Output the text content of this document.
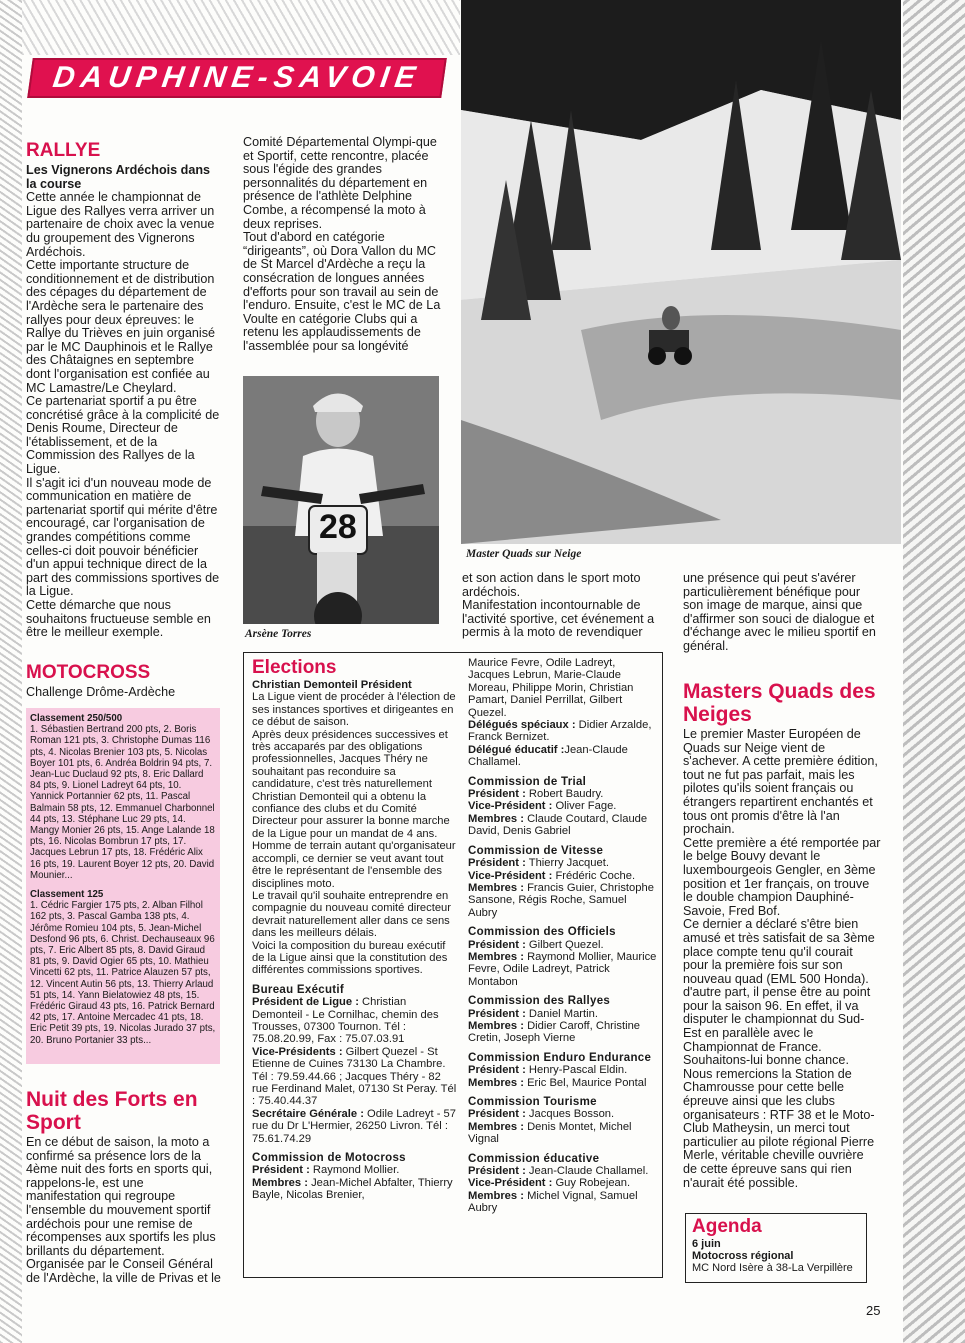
DAUPHINE-SAVOIE
RALLYE
Les Vignerons Ardéchois dans la course

Cette année le championnat de Ligue des Rallyes verra arriver un partenaire de choix avec la venue du groupement des Vignerons Ardéchois.

Cette importante structure de conditionnement et de distribution des cépages du département de l'Ardèche sera le partenaire des rallyes pour deux épreuves: le Rallye du Trièves en juin organisé par le MC Dauphinois et le Rallye des Châtaignes en septembre dont l'organisation est confiée au MC Lamastre/Le Cheylard.

Ce partenariat sportif a pu être concrétisé grâce à la complicité de Denis Roume, Directeur de l'établissement, et de la Commission des Rallyes de la Ligue.

Il s'agit ici d'un nouveau mode de communication en matière de partenariat sportif qui mérite d'être encouragé, car l'organisation de grandes compétitions comme celles-ci doit pouvoir bénéficier d'un appui technique direct de la part des commissions sportives de la Ligue.

Cette démarche que nous souhaitons fructueuse semble en être le meilleur exemple.

MOTOCROSS
Challenge Drôme-Ardèche
Classement 250/500
1. Sébastien Bertrand 200 pts, 2. Boris Roman 121 pts, 3. Christophe Dumas 116 pts, 4. Nicolas Brenier 103 pts, 5. Nicolas Boyer 101 pts, 6. Andréa Boldrin 94 pts, 7. Jean-Luc Duclaud 92 pts, 8. Eric Dallard 84 pts, 9. Lionel Ladreyt 64 pts, 10. Yannick Portannier 62 pts, 11. Pascal Balmain 58 pts, 12. Emmanuel Charbonnel 44 pts, 13. Stéphane Luc 29 pts, 14. Mangy Monier 26 pts, 15. Ange Lalande 18 pts, 16. Nicolas Bombrun 17 pts, 17. Jacques Lebrun 17 pts, 18. Frédéric Alix 16 pts, 19. Laurent Boyer 12 pts, 20. David Mounier...
Classement 125
1. Cédric Fargier 175 pts, 2. Alban Filhol 162 pts, 3. Pascal Gamba 138 pts, 4. Jérôme Romieu 104 pts, 5. Jean-Michel Desfond 96 pts, 6. Christ. Dechauseaux 96 pts, 7. Eric Albert 85 pts, 8. David Giraud 81 pts, 9. David Ogier 65 pts, 10. Mathieu Vincetti 62 pts, 11. Patrice Alauzen 57 pts, 12. Vincent Autin 56 pts, 13. Thierry Arlaud 51 pts, 14. Yann Bielatowiez 48 pts, 15. Frédéric Giraud 43 pts, 16. Patrick Bernard 42 pts, 17. Antoine Mercadec 41 pts, 18. Eric Petit 39 pts, 19. Nicolas Jurado 37 pts, 20. Bruno Portanier 33 pts...
Nuit des Forts en Sport

En ce début de saison, la moto a confirmé sa présence lors de la 4ème nuit des forts en sports qui, rappelons-le, est une manifestation qui regroupe l'ensemble du mouvement sportif ardéchois pour une remise de récompenses aux sportifs les plus brillants du département.

Organisée par le Conseil Général de l'Ardèche, la ville de Privas et le

Comité Départemental Olympi-que et Sportif, cette rencontre, placée sous l'égide des grandes personnalités du département en présence de l'athlète Delphine Combe, a récompensé la moto à deux reprises.

Tout d'abord en catégorie “dirigeants”, où Dora Vallon du MC de St Marcel d'Ardèche a reçu la consécration de longues années d'efforts pour son travail au sein de l'enduro. Ensuite, c'est le MC de La Voulte en catégorie Clubs qui a retenu les applaudissements de l'assemblée pour sa longévité

28
Arsène Torres
Master Quads sur Neige

et son action dans le sport moto ardéchois.

Manifestation incontournable de l'activité sportive, cet événement a permis à la moto de revendiquer

une présence qui peut s'avérer particulièrement bénéfique pour son image de marque, ainsi que d'affirmer son souci de dialogue et d'échange avec le milieu sportif en général.

Masters Quads des Neiges

Le premier Master Européen de Quads sur Neige vient de s'achever. A cette première édition, tout ne fut pas parfait, mais les pilotes qu'ils soient français ou étrangers repartirent enchantés et tous ont promis d'être là l'an prochain.

Cette première a été remportée par le belge Bouvy devant le luxembourgeois Gengler, en 3ème position et 1er français, on trouve le double champion Dauphiné-Savoie, Fred Bof.

Ce dernier a déclaré s'être bien amusé et très satisfait de sa 3ème place compte tenu qu'il courait pour la première fois sur son nouveau quad (EML 500 Honda). d'autre part, il pense être au point pour la saison 96. En effet, il va disputer le championnat du Sud-Est en parallèle avec le Championnat de France. Souhaitons-lui bonne chance.

Nous remercions la Station de Chamrousse pour cette belle épreuve ainsi que les clubs organisateurs : RTF 38 et le Moto-Club Matheysin, un merci tout particulier au pilote régional Pierre Merle, véritable cheville ouvrière de cette épreuve sans qui rien n'aurait été possible.

Elections
Christian Demonteil Président

La Ligue vient de procéder à l'élection de ses instances sportives et dirigeantes en ce début de saison.

Après deux présidences successives et très accaparés par des obligations professionnelles, Jacques Théry ne souhaitant pas reconduire sa candidature, c'est très naturellement Christian Demonteil qui a obtenu la confiance des clubs et du Comité Directeur pour assurer la bonne marche de la Ligue pour un mandat de 4 ans.

Homme de terrain autant qu'organisateur accompli, ce dernier se veut avant tout être le représentant de l'ensemble des disciplines moto.

Le travail qu'il souhaite entreprendre en compagnie du nouveau comité directeur devrait naturellement aller dans ce sens dans les meilleurs délais.

Voici la composition du bureau exécutif de la Ligue ainsi que la constitution des différentes commissions sportives.

Bureau Exécutif

Président de Ligue : Christian Demonteil - Le Cornilhac, chemin des Trousses, 07300 Tournon. Tél : 75.08.20.99, Fax : 75.07.03.91

Vice-Présidents : Gilbert Quezel - St Etienne de Cuines 73130 La Chambre. Tél : 79.59.44.66 ; Jacques Théry - 82 rue Ferdinand Malet, 07130 St Peray. Tél : 75.40.44.37

Secrétaire Générale : Odile Ladreyt - 57 rue du Dr L'Hermier, 26250 Livron. Tél : 75.61.74.29

Commission de Motocross

Président : Raymond Mollier.

Membres : Jean-Michel Abfalter, Thierry Bayle, Nicolas Brenier,

Maurice Fevre, Odile Ladreyt, Jacques Lebrun, Marie-Claude Moreau, Philippe Morin, Christian Pamart, Daniel Perrillat, Gilbert Quezel.

Délégués spéciaux : Didier Arzalde, Franck Bernizet.

Délégué éducatif :Jean-Claude Challamel.

Commission de Trial

Président : Robert Baudry.

Vice-Président : Oliver Fage.

Membres : Claude Coutard, Claude David, Denis Gabriel

Commission de Vitesse

Président : Thierry Jacquet.

Vice-Président : Frédéric Coche.

Membres : Francis Guier, Christophe Sansone, Régis Roche, Samuel Aubry

Commission des Officiels

Président : Gilbert Quezel.

Membres : Raymond Mollier, Maurice Fevre, Odile Ladreyt, Patrick Montabon

Commission des Rallyes

Président : Daniel Martin.

Membres : Didier Caroff, Christine Cretin, Joseph Vierne

Commission Enduro Endurance

Président : Henry-Pascal Eldin.

Membres : Eric Bel, Maurice Pontal

Commission Tourisme

Président : Jacques Bosson.

Membres : Denis Montet, Michel Vignal

Commission éducative

Président : Jean-Claude Challamel.

Vice-Président : Guy Robejean.

Membres : Michel Vignal, Samuel Aubry

Agenda
6 juin
Motocross régional
MC Nord Isère à 38-La Verpillère
25
